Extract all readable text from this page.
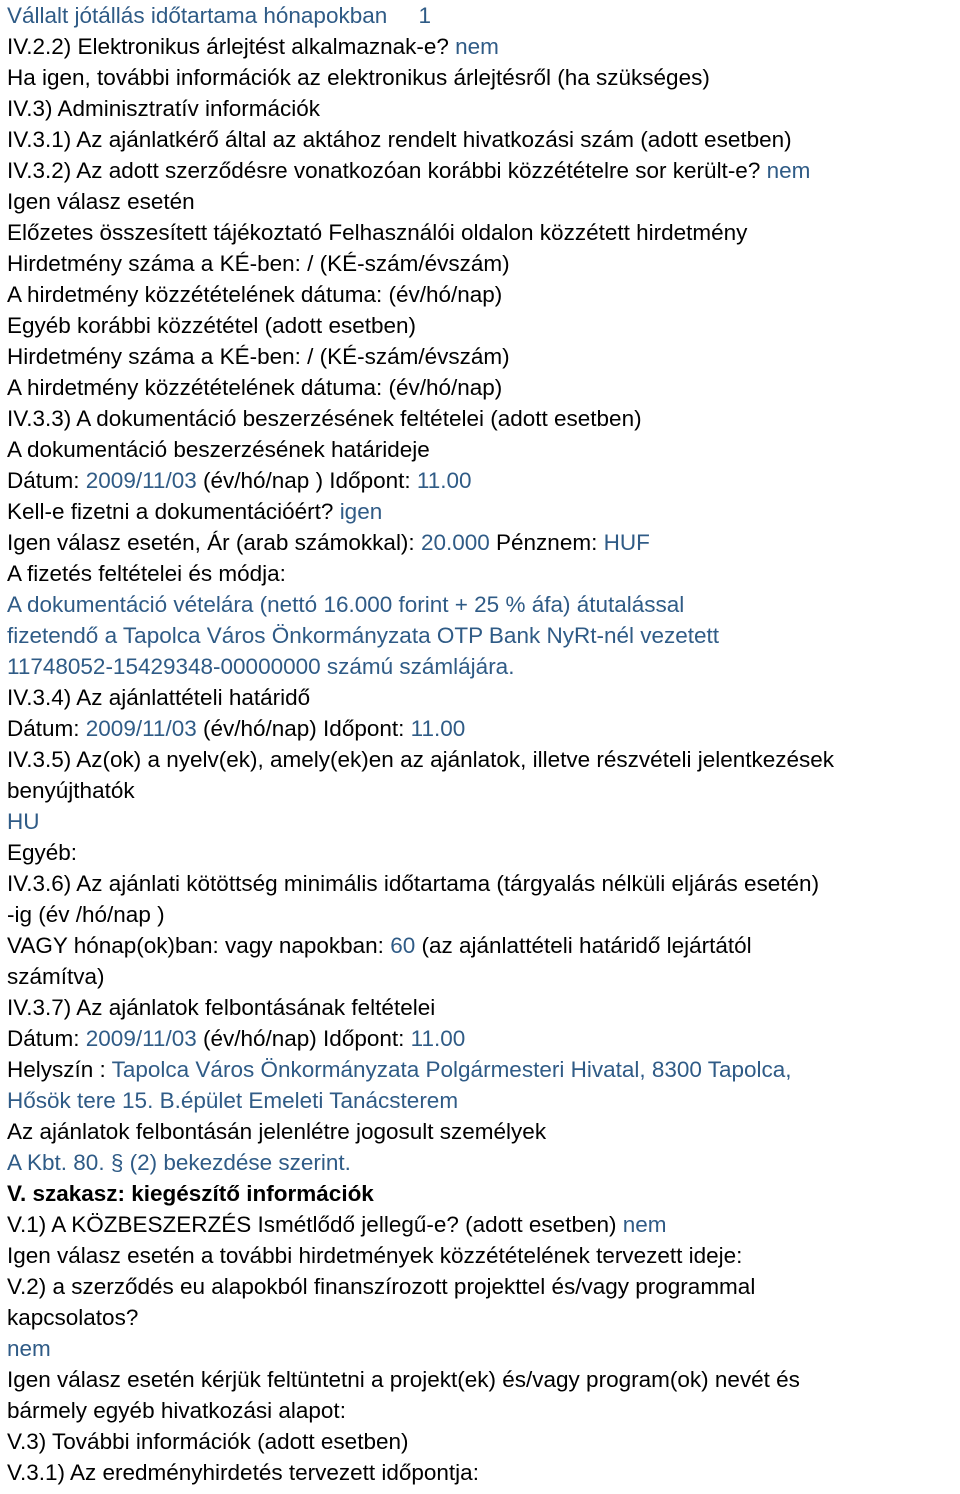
Vállalt jótállás időtartama hónapokban     1
IV.2.2) Elektronikus árlejtést alkalmaznak-e? nem
Ha igen, további információk az elektronikus árlejtésről (ha szükséges)
IV.3) Adminisztratív információk
IV.3.1) Az ajánlatkérő által az aktához rendelt hivatkozási szám (adott esetben)
IV.3.2) Az adott szerződésre vonatkozóan korábbi közzétételre sor került-e? nem
Igen válasz esetén
Előzetes összesített tájékoztató Felhasználói oldalon közzétett hirdetmény
Hirdetmény száma a KÉ-ben: / (KÉ-szám/évszám)
A hirdetmény közzétételének dátuma: (év/hó/nap)
Egyéb korábbi közzététel (adott esetben)
Hirdetmény száma a KÉ-ben: / (KÉ-szám/évszám)
A hirdetmény közzétételének dátuma: (év/hó/nap)
IV.3.3) A dokumentáció beszerzésének feltételei (adott esetben)
A dokumentáció beszerzésének határideje
Dátum: 2009/11/03 (év/hó/nap ) Időpont: 11.00
Kell-e fizetni a dokumentációért? igen
Igen válasz esetén, Ár (arab számokkal): 20.000 Pénznem: HUF
A fizetés feltételei és módja:
A dokumentáció vételára (nettó 16.000 forint + 25 % áfa) átutalással
fizetendő a Tapolca Város Önkormányzata OTP Bank NyRt-nél vezetett
11748052-15429348-00000000 számú számlájára.
IV.3.4) Az ajánlattételi határidő
Dátum: 2009/11/03 (év/hó/nap) Időpont: 11.00
IV.3.5) Az(ok) a nyelv(ek), amely(ek)en az ajánlatok, illetve részvételi jelentkezések
benyújthatók
HU
Egyéb:
IV.3.6) Az ajánlati kötöttség minimális időtartama (tárgyalás nélküli eljárás esetén)
-ig (év /hó/nap )
VAGY hónap(ok)ban: vagy napokban: 60 (az ajánlattételi határidő lejártától
számítva)
IV.3.7) Az ajánlatok felbontásának feltételei
Dátum: 2009/11/03 (év/hó/nap) Időpont: 11.00
Helyszín : Tapolca Város Önkormányzata Polgármesteri Hivatal, 8300 Tapolca,
Hősök tere 15. B.épület Emeleti Tanácsterem
Az ajánlatok felbontásán jelenlétre jogosult személyek
A Kbt. 80. § (2) bekezdése szerint.
V. szakasz: kiegészítő információk
V.1) A KÖZBESZERZÉS Ismétlődő jellegű-e? (adott esetben) nem
Igen válasz esetén a további hirdetmények közzétételének tervezett ideje:
V.2) a szerződés eu alapokból finanszírozott projekttel és/vagy programmal
kapcsolatos?
nem
Igen válasz esetén kérjük feltüntetni a projekt(ek) és/vagy program(ok) nevét és
bármely egyéb hivatkozási alapot:
V.3) További információk (adott esetben)
V.3.1) Az eredményhirdetés tervezett időpontja:
